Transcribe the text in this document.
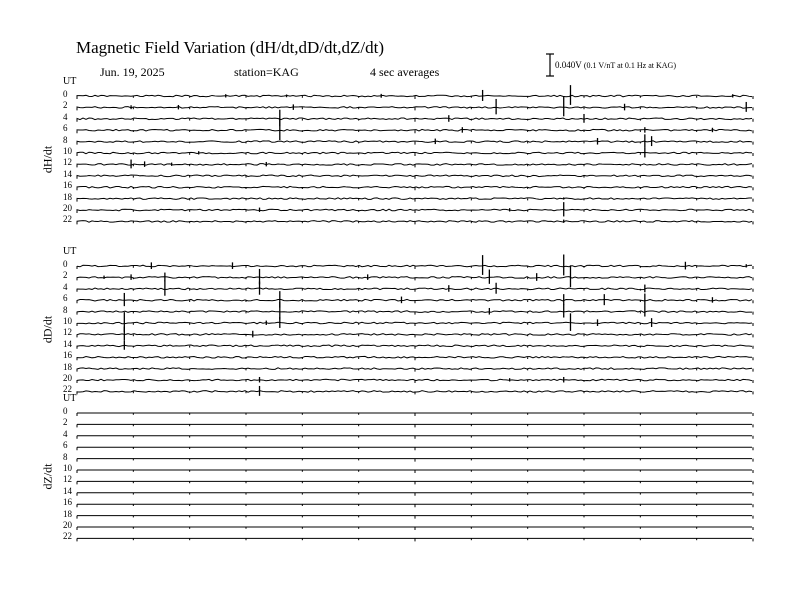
Magnetic Field Variation (dH/dt,dD/dt,dZ/dt)
Jun. 19, 2025	station=KAG	4 sec averages	0.040V (0.1 V/nT at 0.1 Hz at KAG)
UT
dH/dt
0
2
4
6
8
10
12
14
16
18
20
22
UT
dD/dt
0
2
4
6
8
10
12
14
16
18
20
22
UT
dZ/dt
0
2
4
6
8
10
12
14
16
18
20
22
